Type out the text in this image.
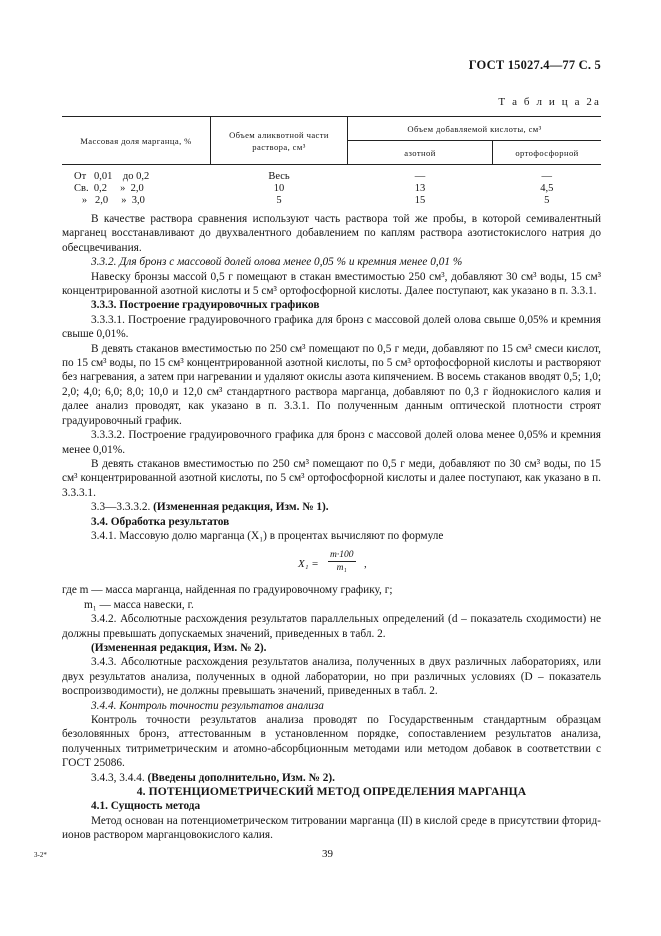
ГОСТ 15027.4—77 С. 5
Т а б л и ц а 2а
Массовая доля марганца, %	Объем аликвотной части раствора, см³	Объем добавляемой кислоты, см³	
		азотной	ортофосфорной
От   0,01    до 0,2	Весь	—	—
Св.  0,2     »  2,0	10	13	4,5
»   2,0     »  3,0	5	15	5

В качестве раствора сравнения используют часть раствора той же пробы, в которой семивалентный марганец восстанавливают до двухвалентного добавлением по каплям раствора азотистокислого натрия до обесцвечивания.

3.3.2. Для бронз с массовой долей олова менее 0,05 % и кремния менее 0,01 %

Навеску бронзы массой 0,5 г помещают в стакан вместимостью 250 см³, добавляют 30 см³ воды, 15 см³ концентрированной азотной кислоты и 5 см³ ортофосфорной кислоты. Далее поступают, как указано в п. 3.3.1.

3.3.3. Построение градуировочных графиков

3.3.3.1. Построение градуировочного графика для бронз с массовой долей олова свыше 0,05% и кремния свыше 0,01%.

В девять стаканов вместимостью по 250 см³ помещают по 0,5 г меди, добавляют по 15 см³ смеси кислот, по 15 см³ воды, по 15 см³ концентрированной азотной кислоты, по 5 см³ ортофосфорной кислоты и растворяют без нагревания, а затем при нагревании и удаляют окислы азота кипячением. В восемь стаканов вводят 0,5; 1,0; 2,0; 4,0; 6,0; 8,0; 10,0 и 12,0 см³ стандартного раствора марганца, добавляют по 0,3 г йоднокислого калия и далее анализ проводят, как указано в п. 3.3.1. По полученным данным оптической плотности строят градуировочный график.

3.3.3.2. Построение градуировочного графика для бронз с массовой долей олова менее 0,05% и кремния менее 0,01%.

В девять стаканов вместимостью по 250 см³ помещают по 0,5 г меди, добавляют по 30 см³ воды, по 15 см³ концентрированной азотной кислоты, по 5 см³ ортофосфорной кислоты и далее поступают, как указано в п. 3.3.3.1.

3.3—3.3.3.2. (Измененная редакция, Изм. № 1).

3.4. Обработка результатов

3.4.1. Массовую долю марганца (X₁) в процентах вычисляют по формуле

$X_1 = \frac{m\cdot 100}{\text{m₁}}$ ,

где m — масса марганца, найденная по градуировочному графику, г;

m₁ — масса навески, г.

3.4.2. Абсолютные расхождения результатов параллельных определений (d – показатель сходимости) не должны превышать допускаемых значений, приведенных в табл. 2.

(Измененная редакция, Изм. № 2).

3.4.3. Абсолютные расхождения результатов анализа, полученных в двух различных лабораториях, или двух результатов анализа, полученных в одной лаборатории, но при различных условиях (D – показатель воспроизводимости), не должны превышать значений, приведенных в табл. 2.

3.4.4. Контроль точности результатов анализа

Контроль точности результатов анализа проводят по Государственным стандартным образцам безоловянных бронз, аттестованным в установленном порядке, сопоставлением результатов анализа, полученных титриметрическим и атомно-абсорбционным методами или методом добавок в соответствии с ГОСТ 25086.

3.4.3, 3.4.4. (Введены дополнительно, Изм. № 2).

4. ПОТЕНЦИОМЕТРИЧЕСКИЙ МЕТОД ОПРЕДЕЛЕНИЯ МАРГАНЦА

4.1. Сущность метода

Метод основан на потенциометрическом титровании марганца (II) в кислой среде в присутствии фторид-ионов раствором марганцовокислого калия.

3-2*	39
